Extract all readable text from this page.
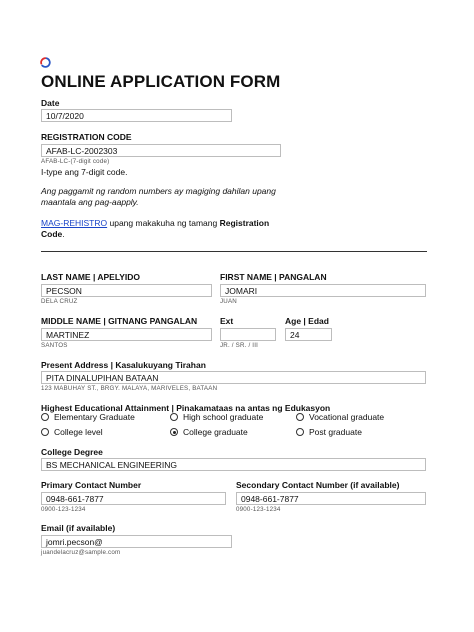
ONLINE APPLICATION FORM
Date
10/7/2020
REGISTRATION CODE
AFAB-LC-2002303
AFAB-LC-(7-digit code)
I-type ang 7-digit code.
Ang paggamit ng random numbers ay magiging dahilan upang
maantala ang pag-aapply.
MAG-REHISTRO upang makakuha ng tamang Registration
Code.
LAST NAME | APELYIDO
PECSON
DELA CRUZ
FIRST NAME | PANGALAN
JOMARI
JUAN
MIDDLE NAME | GITNANG PANGALAN
MARTINEZ
SANTOS
Ext
JR. / SR. / III
Age | Edad
24
Present Address | Kasalukuyang Tirahan
PITA DINALUPIHAN BATAAN
123 MABUHAY ST., BRGY. MALAYA, MARIVELES, BATAAN
Highest Educational Attainment | Pinakamataas na antas ng Edukasyon
Elementary Graduate	High school graduate	Vocational graduate
College level	College graduate	Post graduate
College Degree
BS MECHANICAL ENGINEERING
Primary Contact Number
0948-661-7877
0900-123-1234
Secondary Contact Number (if available)
0948-661-7877
0900-123-1234
Email (if available)
jomri.pecson@
juandelacruz@sample.com
